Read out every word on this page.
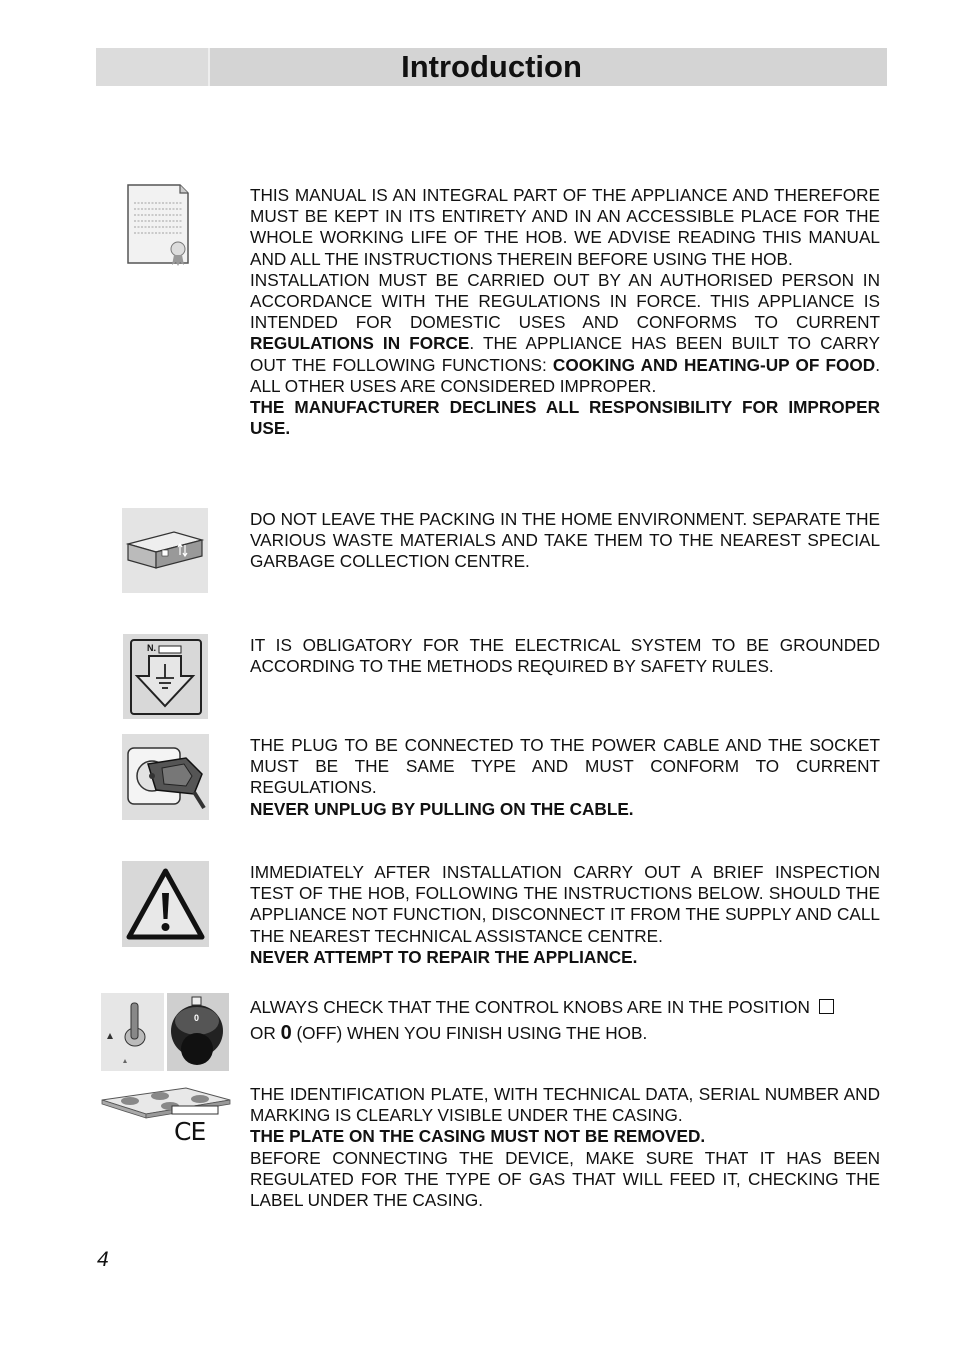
Introduction

THIS MANUAL IS AN INTEGRAL PART OF THE APPLIANCE AND THEREFORE MUST BE KEPT IN ITS ENTIRETY AND IN AN ACCESSIBLE PLACE FOR THE WHOLE WORKING LIFE OF THE HOB. WE ADVISE READING THIS MANUAL AND ALL THE INSTRUCTIONS THEREIN BEFORE USING THE HOB.

INSTALLATION MUST BE CARRIED OUT BY AN AUTHORISED PERSON IN ACCORDANCE WITH THE REGULATIONS IN FORCE. THIS APPLIANCE IS INTENDED FOR DOMESTIC USES AND CONFORMS TO CURRENT REGULATIONS IN FORCE. THE APPLIANCE HAS BEEN BUILT TO CARRY OUT THE FOLLOWING FUNCTIONS: COOKING AND HEATING-UP OF FOOD. ALL OTHER USES ARE CONSIDERED IMPROPER.

THE MANUFACTURER DECLINES ALL RESPONSIBILITY FOR IMPROPER USE.

DO NOT LEAVE THE PACKING IN THE HOME ENVIRONMENT. SEPARATE THE VARIOUS WASTE MATERIALS AND TAKE THEM TO THE NEAREST SPECIAL GARBAGE COLLECTION CENTRE.

N.	IT IS OBLIGATORY FOR THE ELECTRICAL SYSTEM TO BE GROUNDED ACCORDING TO THE METHODS REQUIRED BY SAFETY RULES.

THE PLUG TO BE CONNECTED TO THE POWER CABLE AND THE SOCKET MUST BE THE SAME TYPE AND MUST CONFORM TO CURRENT REGULATIONS.

NEVER UNPLUG BY PULLING ON THE CABLE.

IMMEDIATELY AFTER INSTALLATION CARRY OUT A BRIEF INSPECTION TEST OF THE HOB, FOLLOWING THE INSTRUCTIONS BELOW. SHOULD THE APPLIANCE NOT FUNCTION, DISCONNECT IT FROM THE SUPPLY AND CALL THE NEAREST TECHNICAL ASSISTANCE CENTRE.

NEVER ATTEMPT TO REPAIR THE APPLIANCE.

0

ALWAYS CHECK THAT THE CONTROL KNOBS ARE IN THE POSITION
OR 0 (OFF) WHEN YOU FINISH USING THE HOB.

CE

THE IDENTIFICATION PLATE, WITH TECHNICAL DATA, SERIAL NUMBER AND MARKING IS CLEARLY VISIBLE UNDER THE CASING.

THE PLATE ON THE CASING MUST NOT BE REMOVED.

BEFORE CONNECTING THE DEVICE, MAKE SURE THAT IT HAS BEEN REGULATED FOR THE TYPE OF GAS THAT WILL FEED IT, CHECKING THE LABEL UNDER THE CASING.

4
